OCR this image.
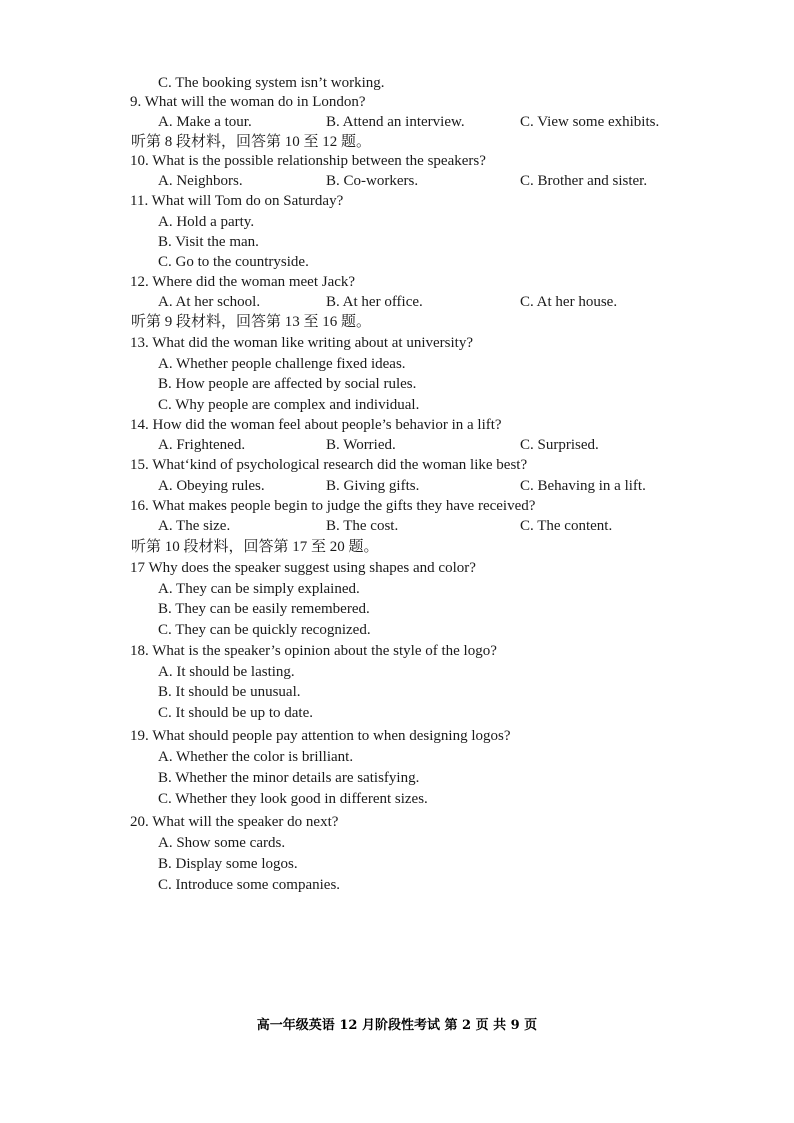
C. The booking system isn’t working.
9. What will the woman do in London?
A. Make a tour.	B. Attend an interview.	C. View some exhibits.
听第 8 段材料，回答第 10 至 12 题。
10. What is the possible relationship between the speakers?
A. Neighbors.	B. Co-workers.	C. Brother and sister.
11. What will Tom do on Saturday?
A. Hold a party.
B. Visit the man.
C. Go to the countryside.
12. Where did the woman meet Jack?
A. At her school.	B. At her office.	C. At her house.
听第 9 段材料，回答第 13 至 16 题。
13. What did the woman like writing about at university?
A. Whether people challenge fixed ideas.
B. How people are affected by social rules.
C. Why people are complex and individual.
14. How did the woman feel about people’s behavior in a lift?
A. Frightened.	B. Worried.	C. Surprised.
15. What‘kind of psychological research did the woman like best?
A. Obeying rules.	B. Giving gifts.	C. Behaving in a lift.
16. What makes people begin to judge the gifts they have received?
A. The size.	B. The cost.	C. The content.
听第 10 段材料，回答第 17 至 20 题。
17 Why does the speaker suggest using shapes and color?
A. They can be simply explained.
B. They can be easily remembered.
C. They can be quickly recognized.
18. What is the speaker’s opinion about the style of the logo?
A. It should be lasting.
B. It should be unusual.
C. It should be up to date.
19. What should people pay attention to when designing logos?
A. Whether the color is brilliant.
B. Whether the minor details are satisfying.
C. Whether they look good in different sizes.
20. What will the speaker do next?
A. Show some cards.
B. Display some logos.
C. Introduce some companies.
高一年级英语 12 月阶段性考试 第 2 页 共 9 页
